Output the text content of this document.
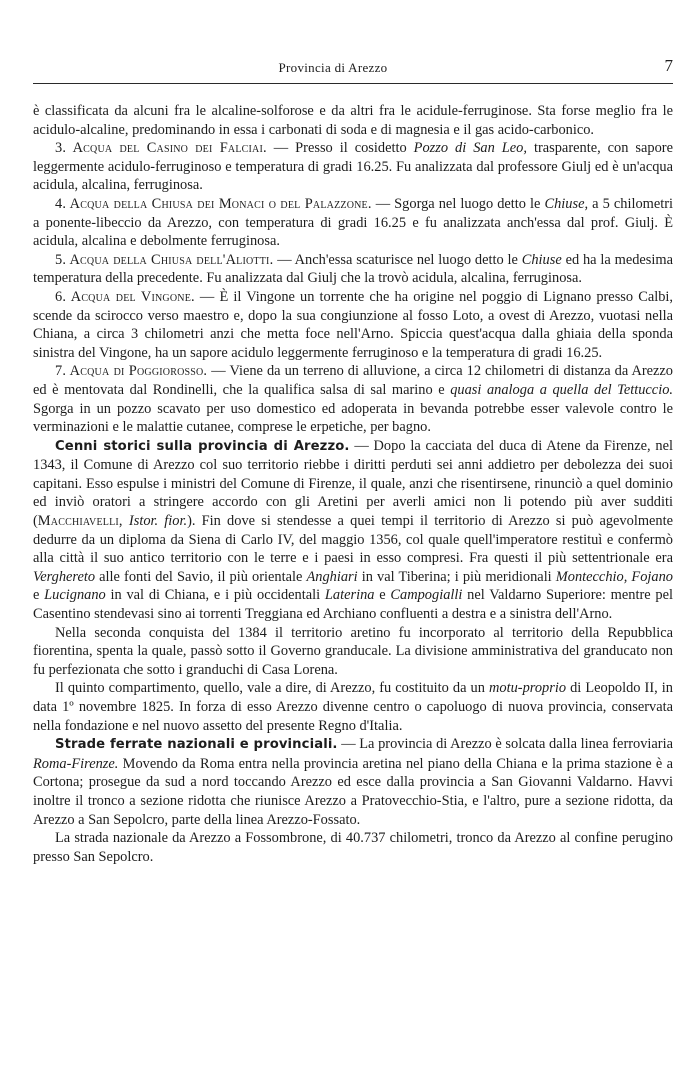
Provincia di Arezzo	7

è classificata da alcuni fra le alcaline-solforose e da altri fra le acidule-ferruginose. Sta forse meglio fra le acidulo-alcaline, predominando in essa i carbonati di soda e di magnesia e il gas acido-carbonico.

3. Acqua del Casino dei Falciai. — Presso il cosidetto Pozzo di San Leo, trasparente, con sapore leggermente acidulo-ferruginoso e temperatura di gradi 16.25. Fu analizzata dal professore Giulj ed è un'acqua acidula, alcalina, ferruginosa.

4. Acqua della Chiusa dei Monaci o del Palazzone. — Sgorga nel luogo detto le Chiuse, a 5 chilometri a ponente-libeccio da Arezzo, con temperatura di gradi 16.25 e fu analizzata anch'essa dal prof. Giulj. È acidula, alcalina e debolmente ferruginosa.

5. Acqua della Chiusa dell'Aliotti. — Anch'essa scaturisce nel luogo detto le Chiuse ed ha la medesima temperatura della precedente. Fu analizzata dal Giulj che la trovò acidula, alcalina, ferruginosa.

6. Acqua del Vingone. — È il Vingone un torrente che ha origine nel poggio di Lignano presso Calbi, scende da scirocco verso maestro e, dopo la sua congiunzione al fosso Loto, a ovest di Arezzo, vuotasi nella Chiana, a circa 3 chilometri anzi che metta foce nell'Arno. Spiccia quest'acqua dalla ghiaia della sponda sinistra del Vingone, ha un sapore acidulo leggermente ferruginoso e la temperatura di gradi 16.25.

7. Acqua di Poggiorosso. — Viene da un terreno di alluvione, a circa 12 chilometri di distanza da Arezzo ed è mentovata dal Rondinelli, che la qualifica salsa di sal marino e quasi analoga a quella del Tettuccio. Sgorga in un pozzo scavato per uso domestico ed adoperata in bevanda potrebbe esser valevole contro le verminazioni e le malattie cutanee, comprese le erpetiche, per bagno.

Cenni storici sulla provincia di Arezzo. — Dopo la cacciata del duca di Atene da Firenze, nel 1343, il Comune di Arezzo col suo territorio riebbe i diritti perduti sei anni addietro per debolezza dei suoi capitani. Esso espulse i ministri del Comune di Firenze, il quale, anzi che risentirsene, rinunciò a quel dominio ed inviò oratori a stringere accordo con gli Aretini per averli amici non li potendo più aver sudditi (Macchiavelli, Istor. fior.). Fin dove si stendesse a quei tempi il territorio di Arezzo si può agevolmente dedurre da un diploma da Siena di Carlo IV, del maggio 1356, col quale quell'imperatore restituì e confermò alla città il suo antico territorio con le terre e i paesi in esso compresi. Fra questi il più settentrionale era Verghereto alle fonti del Savio, il più orientale Anghiari in val Tiberina; i più meridionali Montecchio, Fojano e Lucignano in val di Chiana, e i più occidentali Laterina e Campogialli nel Valdarno Superiore: mentre pel Casentino stendevasi sino ai torrenti Treggiana ed Archiano confluenti a destra e a sinistra dell'Arno.

Nella seconda conquista del 1384 il territorio aretino fu incorporato al territorio della Repubblica fiorentina, spenta la quale, passò sotto il Governo granducale. La divisione amministrativa del granducato non fu perfezionata che sotto i granduchi di Casa Lorena.

Il quinto compartimento, quello, vale a dire, di Arezzo, fu costituito da un motu-proprio di Leopoldo II, in data 1º novembre 1825. In forza di esso Arezzo divenne centro o capoluogo di nuova provincia, conservata nella fondazione e nel nuovo assetto del presente Regno d'Italia.

Strade ferrate nazionali e provinciali. — La provincia di Arezzo è solcata dalla linea ferroviaria Roma-Firenze. Movendo da Roma entra nella provincia aretina nel piano della Chiana e la prima stazione è a Cortona; prosegue da sud a nord toccando Arezzo ed esce dalla provincia a San Giovanni Valdarno. Havvi inoltre il tronco a sezione ridotta che riunisce Arezzo a Pratovecchio-Stia, e l'altro, pure a sezione ridotta, da Arezzo a San Sepolcro, parte della linea Arezzo-Fossato.

La strada nazionale da Arezzo a Fossombrone, di 40.737 chilometri, tronco da Arezzo al confine perugino presso San Sepolcro.
